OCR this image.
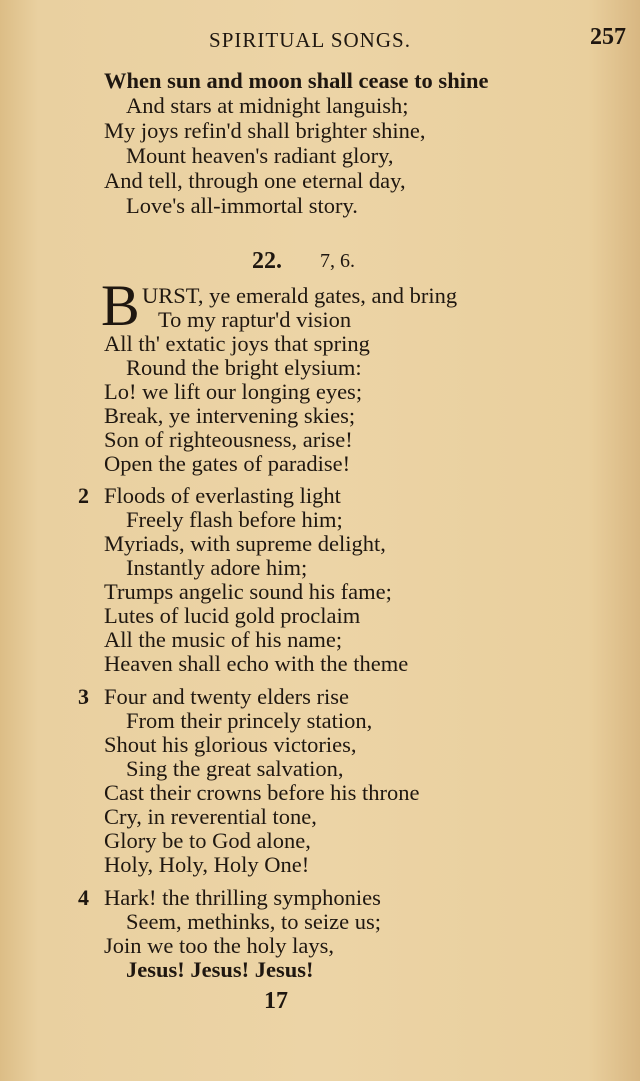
SPIRITUAL SONGS.	257
When sun and moon shall cease to shine
And stars at midnight languish;
My joys refin'd shall brighter shine,
Mount heaven's radiant glory,
And tell, through one eternal day,
Love's all-immortal story.
22. 7, 6.
B URST, ye emerald gates, and bring
To my raptur'd vision
All th' extatic joys that spring
Round the bright elysium:
Lo! we lift our longing eyes;
Break, ye intervening skies;
Son of righteousness, arise!
Open the gates of paradise!
2 Floods of everlasting light
Freely flash before him;
Myriads, with supreme delight,
Instantly adore him;
Trumps angelic sound his fame;
Lutes of lucid gold proclaim
All the music of his name;
Heaven shall echo with the theme
3 Four and twenty elders rise
From their princely station,
Shout his glorious victories,
Sing the great salvation,
Cast their crowns before his throne
Cry, in reverential tone,
Glory be to God alone,
Holy, Holy, Holy One!
4 Hark! the thrilling symphonies
Seem, methinks, to seize us;
Join we too the holy lays,
Jesus! Jesus! Jesus!
17
